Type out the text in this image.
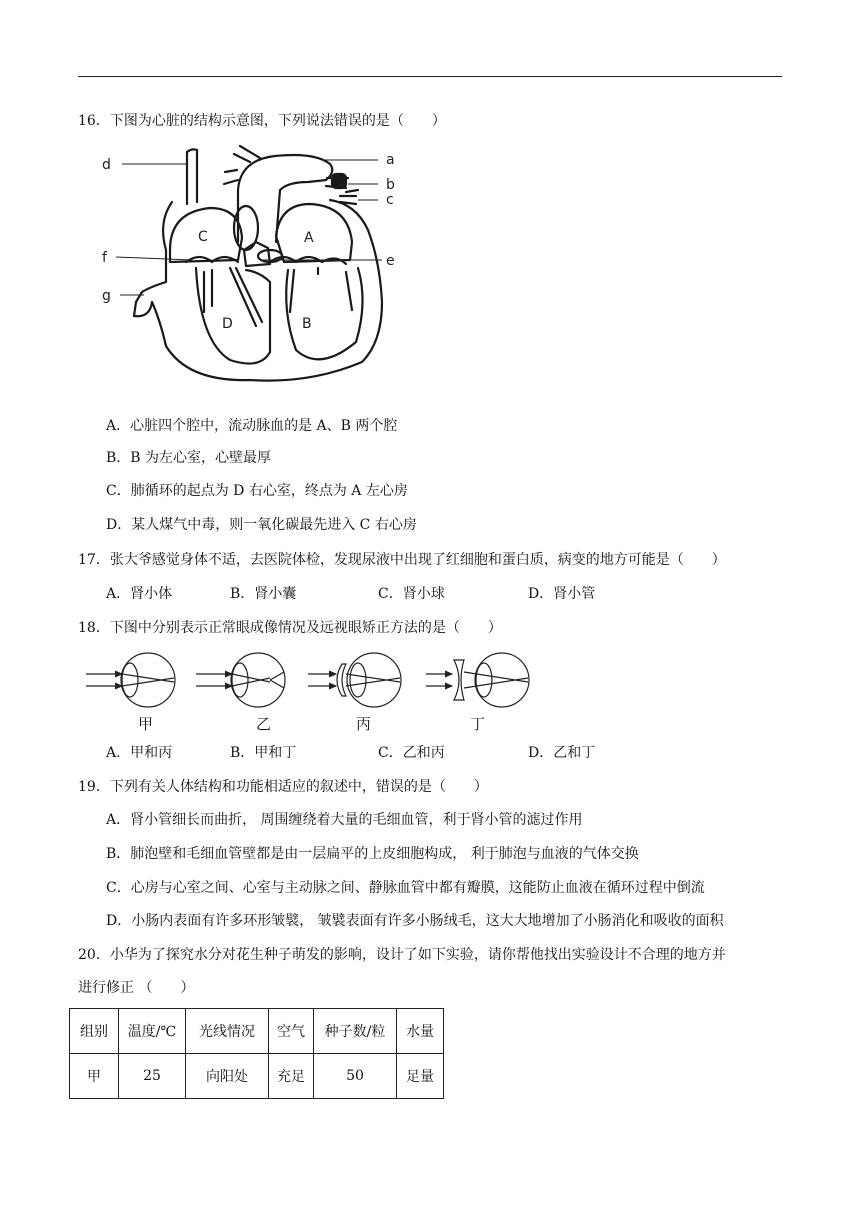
16．下图为心脏的结构示意图，下列说法错误的是（　　）
d	a
b
c
f	e
g
C	A
D	B
A．心脏四个腔中，流动脉血的是 A、B 两个腔
B．B 为左心室，心壁最厚
C．肺循环的起点为 D 右心室，终点为 A 左心房
D．某人煤气中毒，则一氧化碳最先进入 C 右心房
17．张大爷感觉身体不适，去医院体检，发现尿液中出现了红细胞和蛋白质，病变的地方可能是（　　）
A．肾小体	B．肾小囊	C．肾小球	D．肾小管
18．下图中分别表示正常眼成像情况及远视眼矫正方法的是（　　）
甲	乙	丙	丁
A．甲和丙	B．甲和丁	C．乙和丙	D．乙和丁
19．下列有关人体结构和功能相适应的叙述中，错误的是（　　）
A．肾小管细长而曲折， 周围缠绕着大量的毛细血管，利于肾小管的滤过作用
B．肺泡壁和毛细血管壁都是由一层扁平的上皮细胞构成， 利于肺泡与血液的气体交换
C．心房与心室之间、心室与主动脉之间、静脉血管中都有瓣膜，这能防止血液在循环过程中倒流
D．小肠内表面有许多环形皱襞， 皱襞表面有许多小肠绒毛，这大大地增加了小肠消化和吸收的面积
20．小华为了探究水分对花生种子萌发的影响，设计了如下实验，请你帮他找出实验设计不合理的地方并
进行修正 （　　）
组别	温度/℃	光线情况	空气	种子数/粒	水量
甲	25	向阳处	充足	50	足量
